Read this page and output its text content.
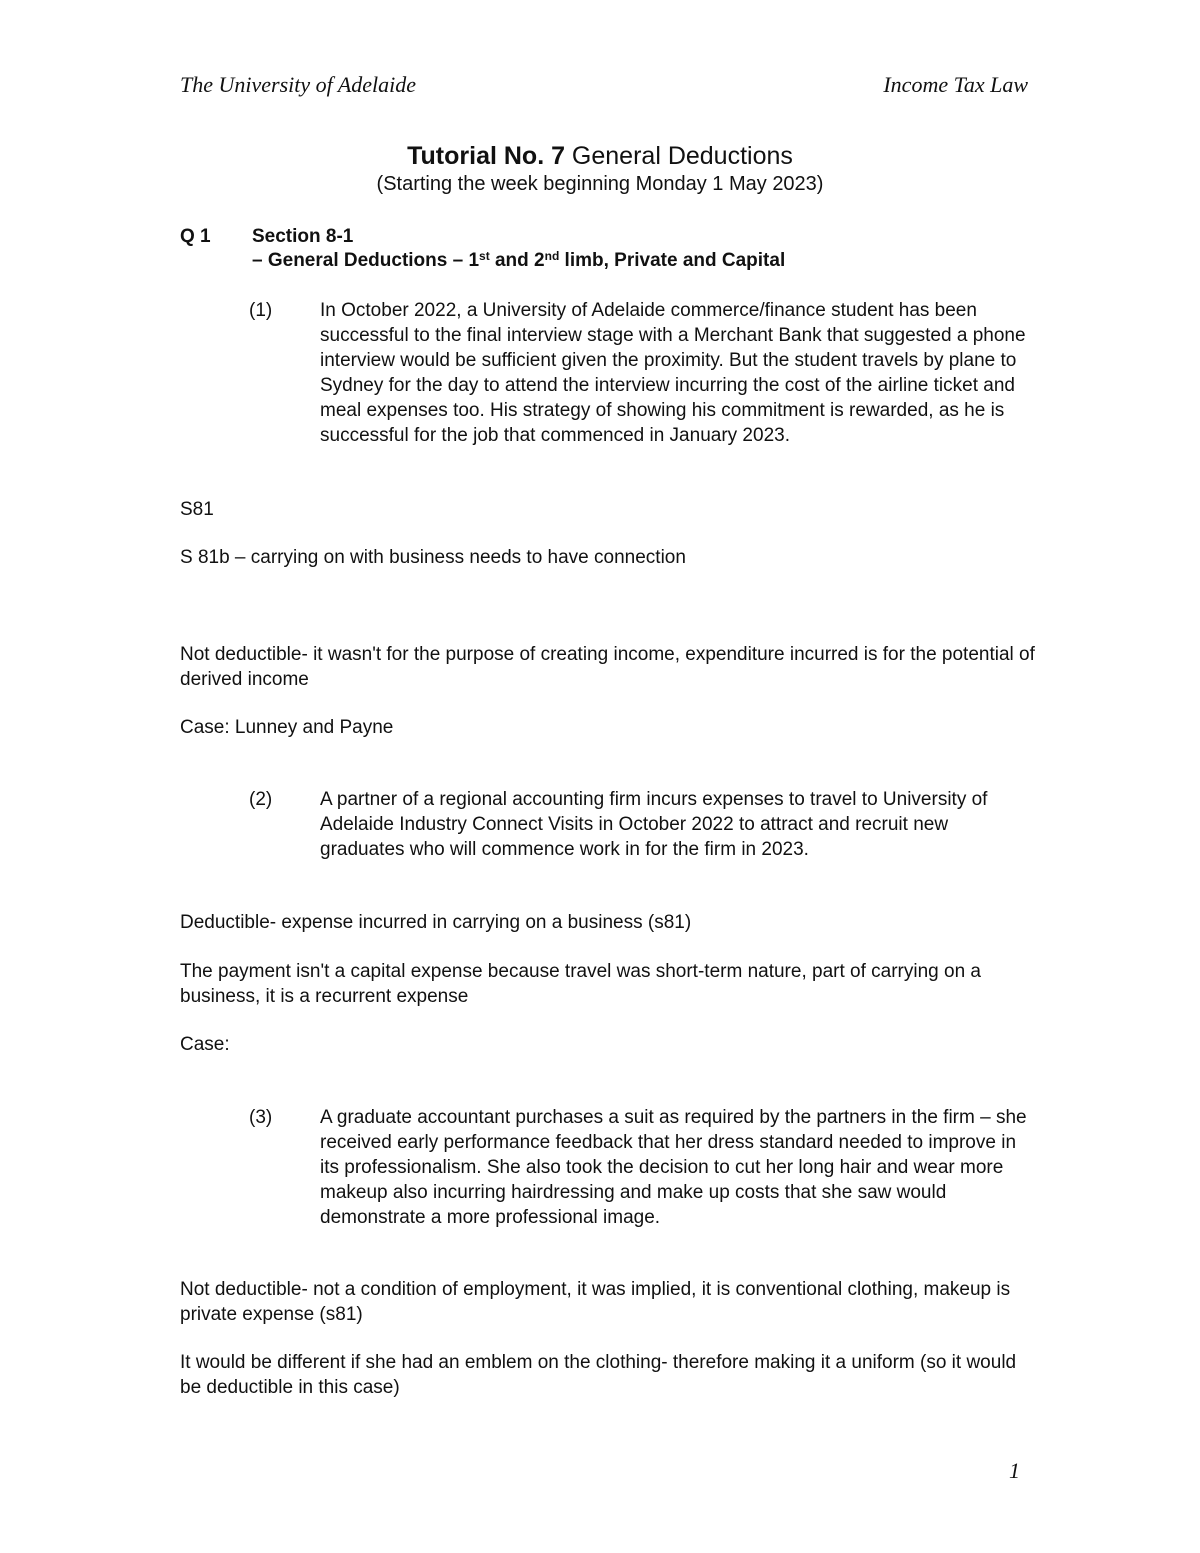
The University of Adelaide	Income Tax Law
Tutorial No. 7 General Deductions
(Starting the week beginning Monday 1 May 2023)
Q 1 Section 8-1
– General Deductions – 1st and 2nd limb, Private and Capital
(1)	In October 2022, a University of Adelaide commerce/finance student has been successful to the final interview stage with a Merchant Bank that suggested a phone interview would be sufficient given the proximity. But the student travels by plane to Sydney for the day to attend the interview incurring the cost of the airline ticket and meal expenses too. His strategy of showing his commitment is rewarded, as he is successful for the job that commenced in January 2023.
S81
S 81b – carrying on with business needs to have connection
Not deductible- it wasn't for the purpose of creating income, expenditure incurred is for the potential of derived income
Case: Lunney and Payne
(2)	A partner of a regional accounting firm incurs expenses to travel to University of Adelaide Industry Connect Visits in October 2022 to attract and recruit new graduates who will commence work in for the firm in 2023.
Deductible- expense incurred in carrying on a business (s81)
The payment isn't a capital expense because travel was short-term nature, part of carrying on a business, it is a recurrent expense
Case:
(3)	A graduate accountant purchases a suit as required by the partners in the firm – she received early performance feedback that her dress standard needed to improve in its professionalism. She also took the decision to cut her long hair and wear more makeup also incurring hairdressing and make up costs that she saw would demonstrate a more professional image.
Not deductible- not a condition of employment, it was implied, it is conventional clothing, makeup is private expense (s81)
It would be different if she had an emblem on the clothing- therefore making it a uniform (so it would be deductible in this case)
1
